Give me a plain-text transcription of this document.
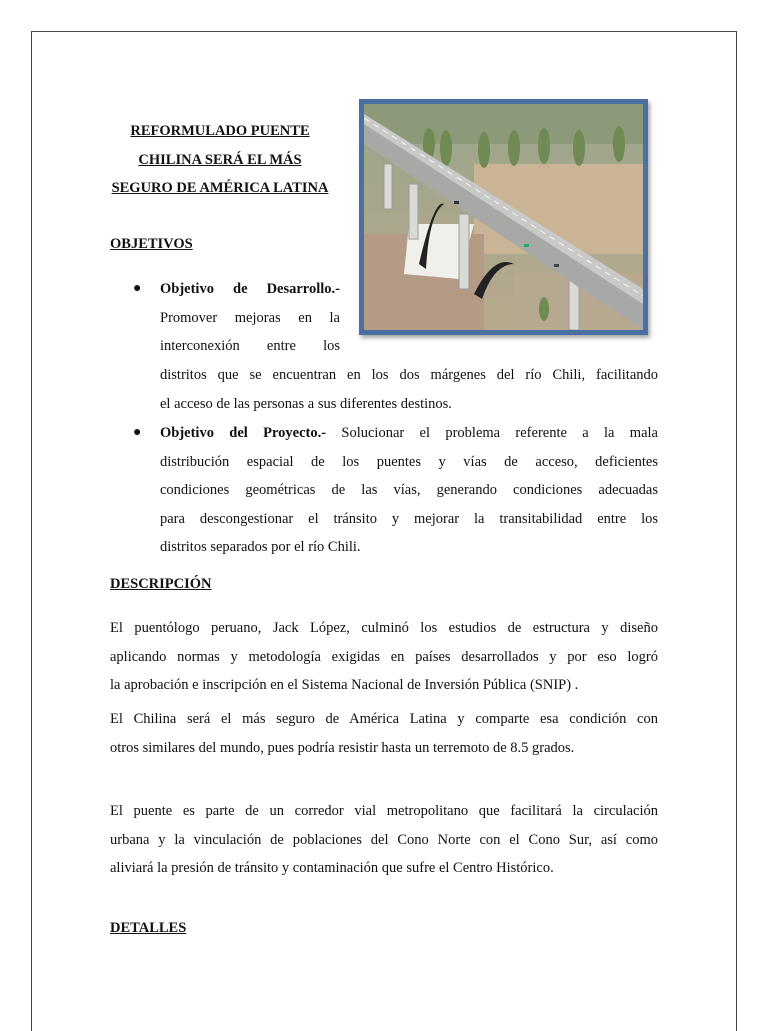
REFORMULADO PUENTE
CHILINA SERÁ EL MÁS
SEGURO DE AMÉRICA LATINA
OBJETIVOS
● Objetivo de Desarrollo.-
Promover mejoras en la
interconexión entre los
distritos que se encuentran en los dos márgenes del río Chili, facilitando
el acceso de las personas a sus diferentes destinos.
● Objetivo del Proyecto.- Solucionar el problema referente a la mala
distribución espacial de los puentes y vías de acceso, deficientes
condiciones geométricas de las vías, generando condiciones adecuadas
para descongestionar el tránsito y mejorar la transitabilidad entre los
distritos separados por el río Chili.
DESCRIPCIÓN
El puentólogo peruano, Jack López, culminó los estudios de estructura y diseño
aplicando normas y metodología exigidas en países desarrollados y por eso logró
la aprobación e inscripción en el Sistema Nacional de Inversión Pública (SNIP) .
El Chilina será el más seguro de América Latina y comparte esa condición con
otros similares del mundo, pues podría resistir hasta un terremoto de 8.5 grados.
El puente es parte de un corredor vial metropolitano que facilitará la circulación
urbana y la vinculación de poblaciones del Cono Norte con el Cono Sur, así como
aliviará la presión de tránsito y contaminación que sufre el Centro Histórico.
DETALLES
